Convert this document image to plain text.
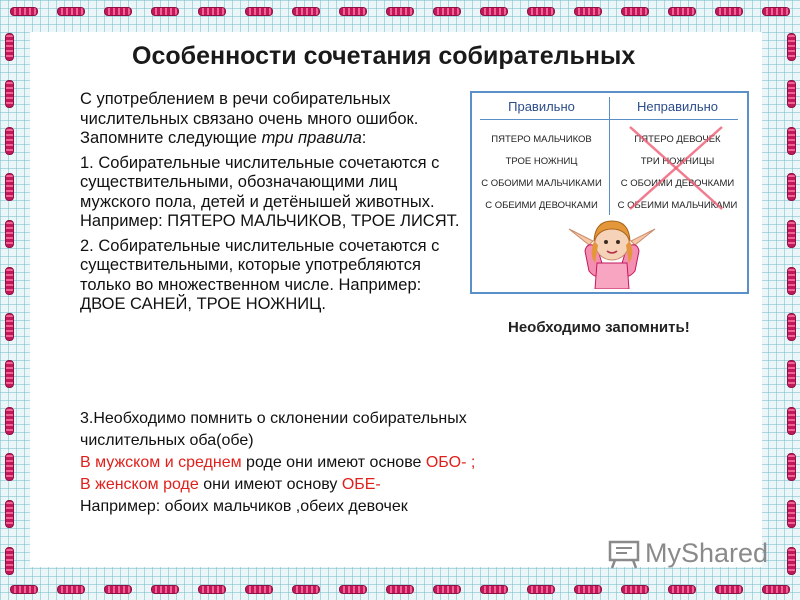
Особенности сочетания собирательных

С употреблением в речи собирательных числительных связано очень много ошибок. Запомните следующие три правила:

1. Собирательные числительные сочетаются с существительными, обозначающими лиц мужского пола, детей и детёнышей животных. Например: ПЯТЕРО МАЛЬЧИКОВ, ТРОЕ ЛИСЯТ.

2. Собирательные числительные сочетаются с существительными, которые употребляются только во множественном числе. Например: ДВОЕ САНЕЙ, ТРОЕ НОЖНИЦ.

Правильно	Неправильно
ПЯТЕРО МАЛЬЧИКОВ
ТРОЕ НОЖНИЦ
С ОБОИМИ МАЛЬЧИКАМИ
С ОБЕИМИ ДЕВОЧКАМИ
ПЯТЕРО ДЕВОЧЕК
ТРИ НОЖНИЦЫ
С ОБОИМИ ДЕВОЧКАМИ
С ОБЕИМИ МАЛЬЧИКАМИ
Необходимо запомнить!
3.Необходимо помнить о склонении собирательных
числительных оба(обе)
В мужском и среднем роде они имеют основе ОБО- ;
В женском роде они имеют основу ОБЕ-
Например: обоих мальчиков ,обеих девочек
MyShared
